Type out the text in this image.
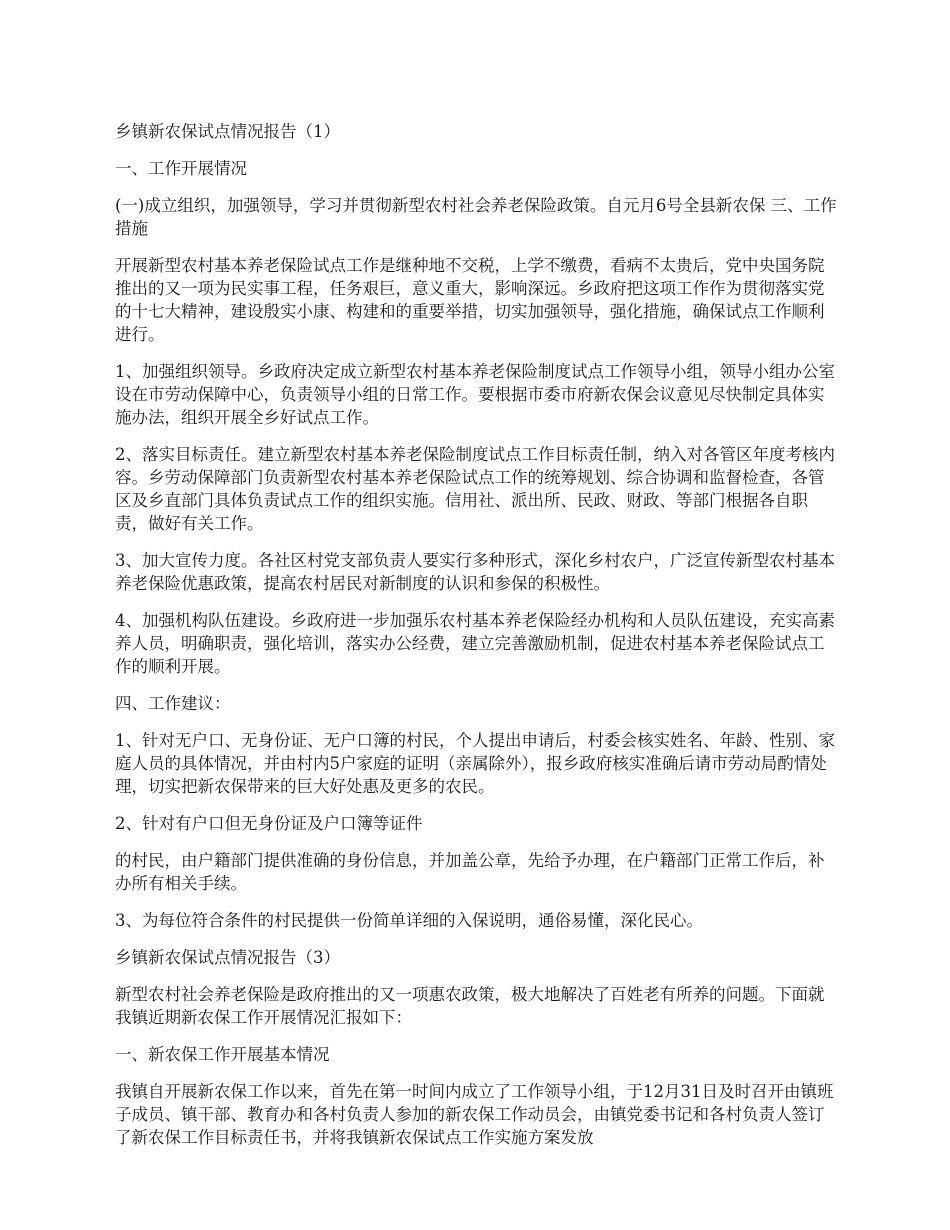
乡镇新农保试点情况报告（1）

一、工作开展情况

(一)成立组织，加强领导，学习并贯彻新型农村社会养老保险政策。自元月6号全县新农保 三、工作措施

开展新型农村基本养老保险试点工作是继种地不交税，上学不缴费，看病不太贵后，党中央国务院推出的又一项为民实事工程，任务艰巨，意义重大，影响深远。乡政府把这项工作作为贯彻落实党的十七大精神，建设殷实小康、构建和的重要举措，切实加强领导，强化措施，确保试点工作顺利进行。

1、加强组织领导。乡政府决定成立新型农村基本养老保险制度试点工作领导小组，领导小组办公室设在市劳动保障中心，负责领导小组的日常工作。要根据市委市府新农保会议意见尽快制定具体实施办法，组织开展全乡好试点工作。

2、落实目标责任。建立新型农村基本养老保险制度试点工作目标责任制，纳入对各管区年度考核内容。乡劳动保障部门负责新型农村基本养老保险试点工作的统筹规划、综合协调和监督检查，各管区及乡直部门具体负责试点工作的组织实施。信用社、派出所、民政、财政、等部门根据各自职责，做好有关工作。

3、加大宣传力度。各社区村党支部负责人要实行多种形式，深化乡村农户，广泛宣传新型农村基本养老保险优惠政策，提高农村居民对新制度的认识和参保的积极性。

4、加强机构队伍建设。乡政府进一步加强乐农村基本养老保险经办机构和人员队伍建设，充实高素养人员，明确职责，强化培训，落实办公经费，建立完善激励机制，促进农村基本养老保险试点工作的顺利开展。

四、工作建议：

1、针对无户口、无身份证、无户口簿的村民，个人提出申请后，村委会核实姓名、年龄、性别、家庭人员的具体情况，并由村内5户家庭的证明（亲属除外），报乡政府核实准确后请市劳动局酌情处理，切实把新农保带来的巨大好处惠及更多的农民。

2、针对有户口但无身份证及户口簿等证件

的村民，由户籍部门提供准确的身份信息，并加盖公章，先给予办理，在户籍部门正常工作后，补办所有相关手续。

3、为每位符合条件的村民提供一份简单详细的入保说明，通俗易懂，深化民心。

乡镇新农保试点情况报告（3）

新型农村社会养老保险是政府推出的又一项惠农政策，极大地解决了百姓老有所养的问题。下面就我镇近期新农保工作开展情况汇报如下：

一、新农保工作开展基本情况

我镇自开展新农保工作以来，首先在第一时间内成立了工作领导小组，于12月31日及时召开由镇班子成员、镇干部、教育办和各村负责人参加的新农保工作动员会，由镇党委书记和各村负责人签订了新农保工作目标责任书，并将我镇新农保试点工作实施方案发放
